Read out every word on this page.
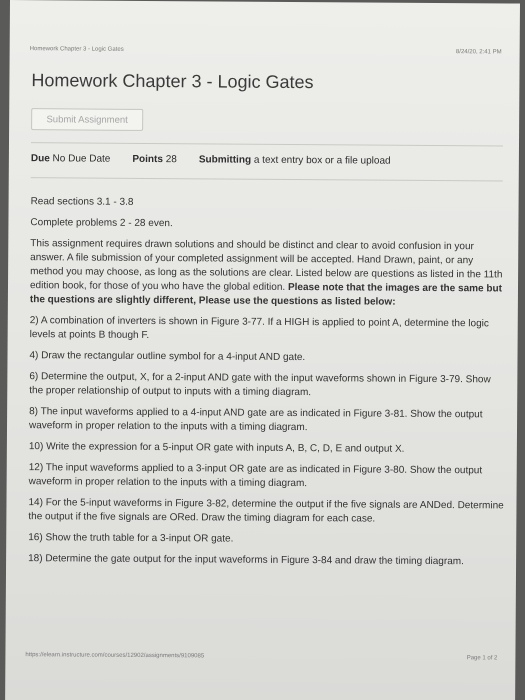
Homework Chapter 3 - Logic Gates	8/24/20, 2:41 PM
Homework Chapter 3 - Logic Gates
Submit Assignment
Due No Due Date Points 28 Submitting a text entry box or a file upload

Read sections 3.1 - 3.8

Complete problems 2 - 28 even.

This assignment requires drawn solutions and should be distinct and clear to avoid confusion in your answer. A file submission of your completed assignment will be accepted. Hand Drawn, paint, or any method you may choose, as long as the solutions are clear. Listed below are questions as listed in the 11th edition book, for those of you who have the global edition. Please note that the images are the same but the questions are slightly different, Please use the questions as listed below:

2) A combination of inverters is shown in Figure 3-77. If a HIGH is applied to point A, determine the logic levels at points B though F.

4) Draw the rectangular outline symbol for a 4-input AND gate.

6) Determine the output, X, for a 2-input AND gate with the input waveforms shown in Figure 3-79. Show the proper relationship of output to inputs with a timing diagram.

8) The input waveforms applied to a 4-input AND gate are as indicated in Figure 3-81. Show the output waveform in proper relation to the inputs with a timing diagram.

10) Write the expression for a 5-input OR gate with inputs A, B, C, D, E and output X.

12) The input waveforms applied to a 3-input OR gate are as indicated in Figure 3-80. Show the output waveform in proper relation to the inputs with a timing diagram.

14) For the 5-input waveforms in Figure 3-82, determine the output if the five signals are ANDed. Determine the output if the five signals are ORed. Draw the timing diagram for each case.

16) Show the truth table for a 3-input OR gate.

18) Determine the gate output for the input waveforms in Figure 3-84 and draw the timing diagram.

https://elearn.instructure.com/courses/12902/assignments/9109085	Page 1 of 2
